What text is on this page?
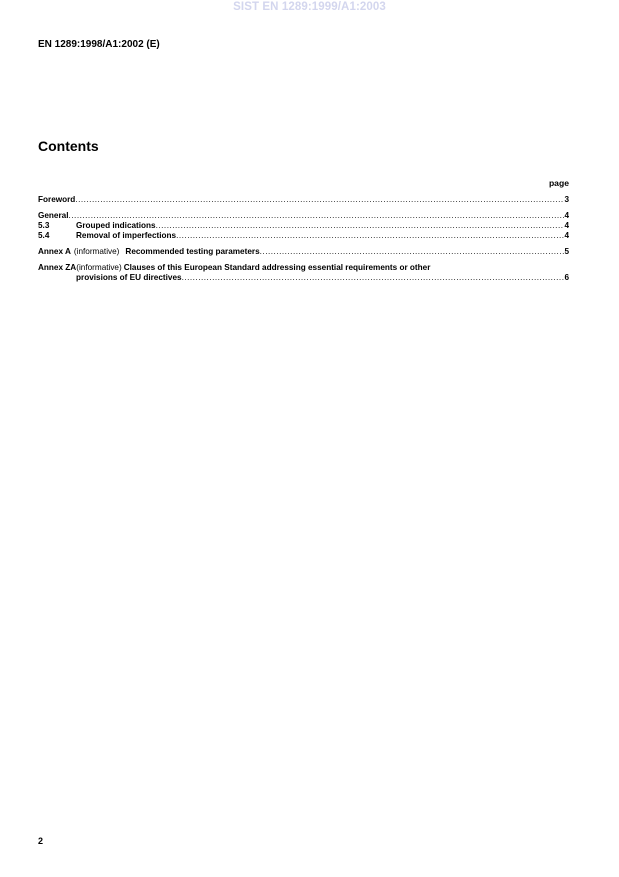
SIST EN 1289:1999/A1:2003
EN 1289:1998/A1:2002 (E)
Contents
page
Foreword .....	3
General .....	4
5.3	Grouped indications .....	4
5.4	Removal of imperfections .....	4
Annex A (informative) Recommended testing parameters .....	5
Annex ZA (informative) Clauses of this European Standard addressing essential requirements or other
provisions of EU directives .....	6
2
